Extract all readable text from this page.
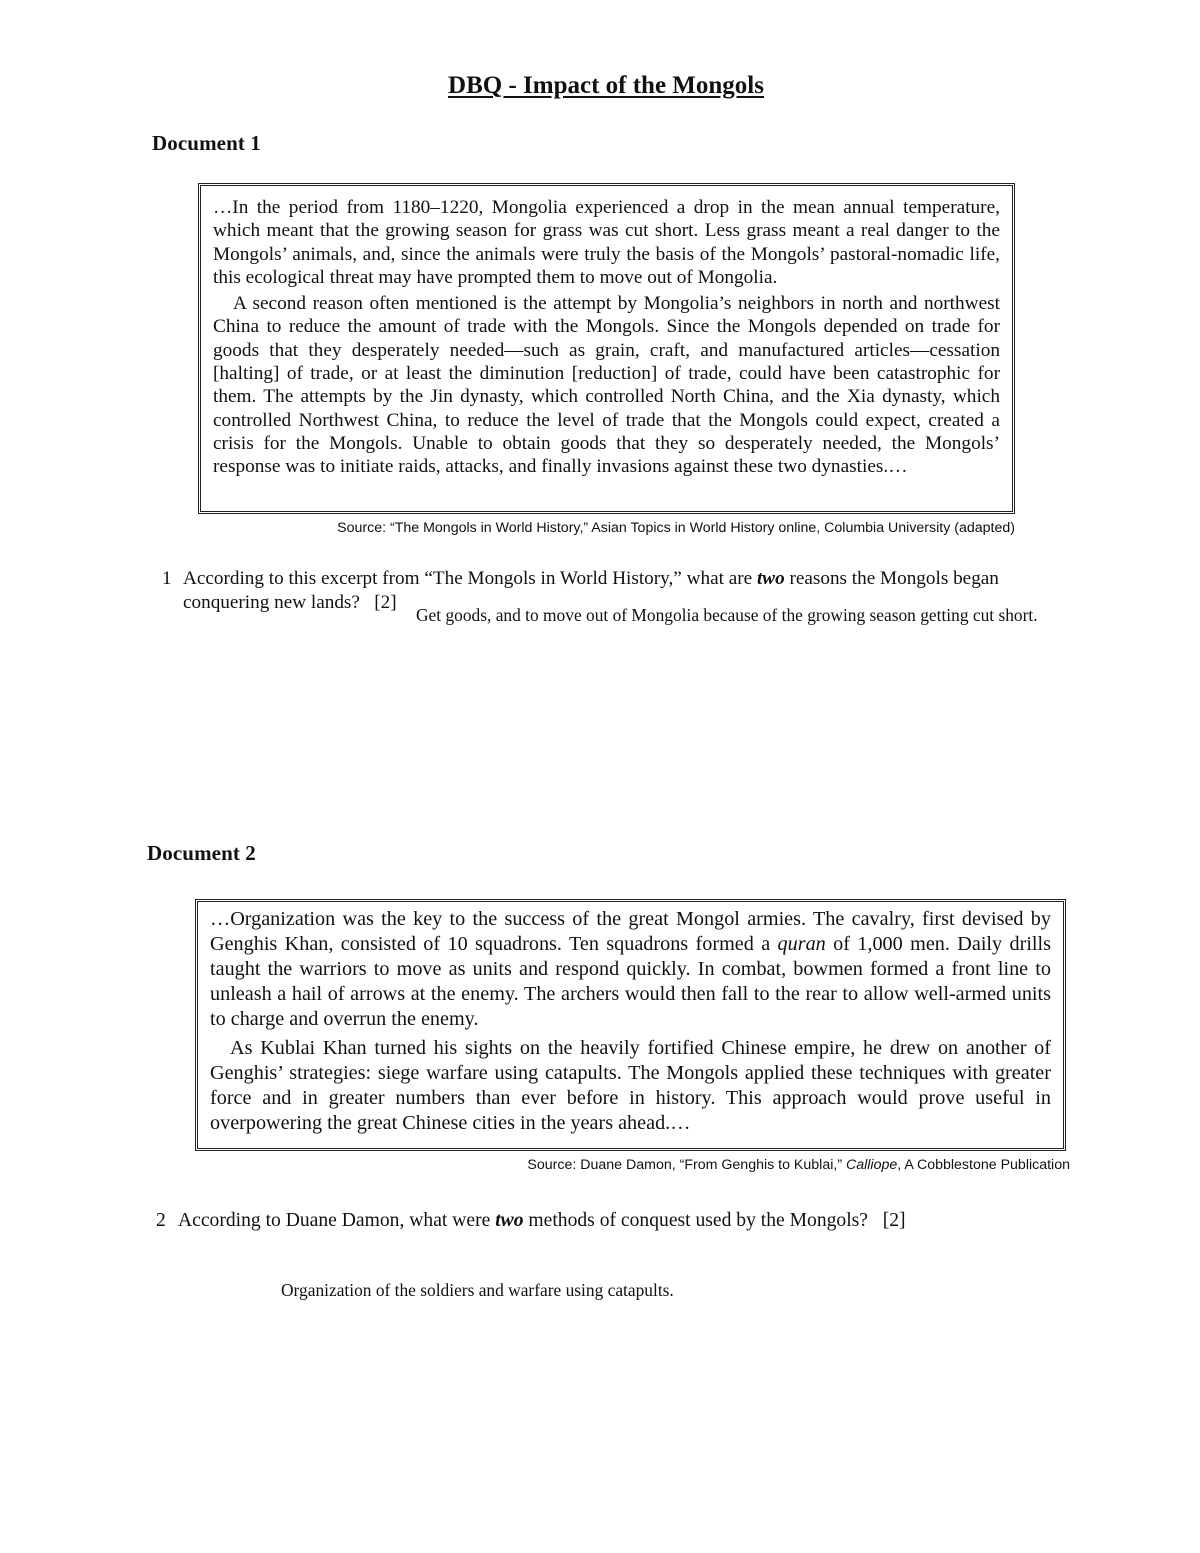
DBQ - Impact of the Mongols
Document 1

…In the period from 1180–1220, Mongolia experienced a drop in the mean annual temperature, which meant that the growing season for grass was cut short. Less grass meant a real danger to the Mongols’ animals, and, since the animals were truly the basis of the Mongols’ pastoral-nomadic life, this ecological threat may have prompted them to move out of Mongolia.

A second reason often mentioned is the attempt by Mongolia’s neighbors in north and northwest China to reduce the amount of trade with the Mongols. Since the Mongols depended on trade for goods that they desperately needed—such as grain, craft, and manufactured articles—cessation [halting] of trade, or at least the diminution [reduction] of trade, could have been catastrophic for them. The attempts by the Jin dynasty, which controlled North China, and the Xia dynasty, which controlled Northwest China, to reduce the level of trade that the Mongols could expect, created a crisis for the Mongols. Unable to obtain goods that they so desperately needed, the Mongols’ response was to initiate raids, attacks, and finally invasions against these two dynasties.…

Source: “The Mongols in World History,” Asian Topics in World History online, Columbia University (adapted)
1 According to this excerpt from “The Mongols in World History,” what are two reasons the Mongols began conquering new lands? [2]
Get goods, and to move out of Mongolia because of the growing season getting cut short.
Document 2

…Organization was the key to the success of the great Mongol armies. The cavalry, first devised by Genghis Khan, consisted of 10 squadrons. Ten squadrons formed a quran of 1,000 men. Daily drills taught the warriors to move as units and respond quickly. In combat, bowmen formed a front line to unleash a hail of arrows at the enemy. The archers would then fall to the rear to allow well-armed units to charge and overrun the enemy.

As Kublai Khan turned his sights on the heavily fortified Chinese empire, he drew on another of Genghis’ strategies: siege warfare using catapults. The Mongols applied these techniques with greater force and in greater numbers than ever before in history. This approach would prove useful in overpowering the great Chinese cities in the years ahead.…

Source: Duane Damon, “From Genghis to Kublai,” Calliope, A Cobblestone Publication
2 According to Duane Damon, what were two methods of conquest used by the Mongols? [2]
Organization of the soldiers and warfare using catapults.
